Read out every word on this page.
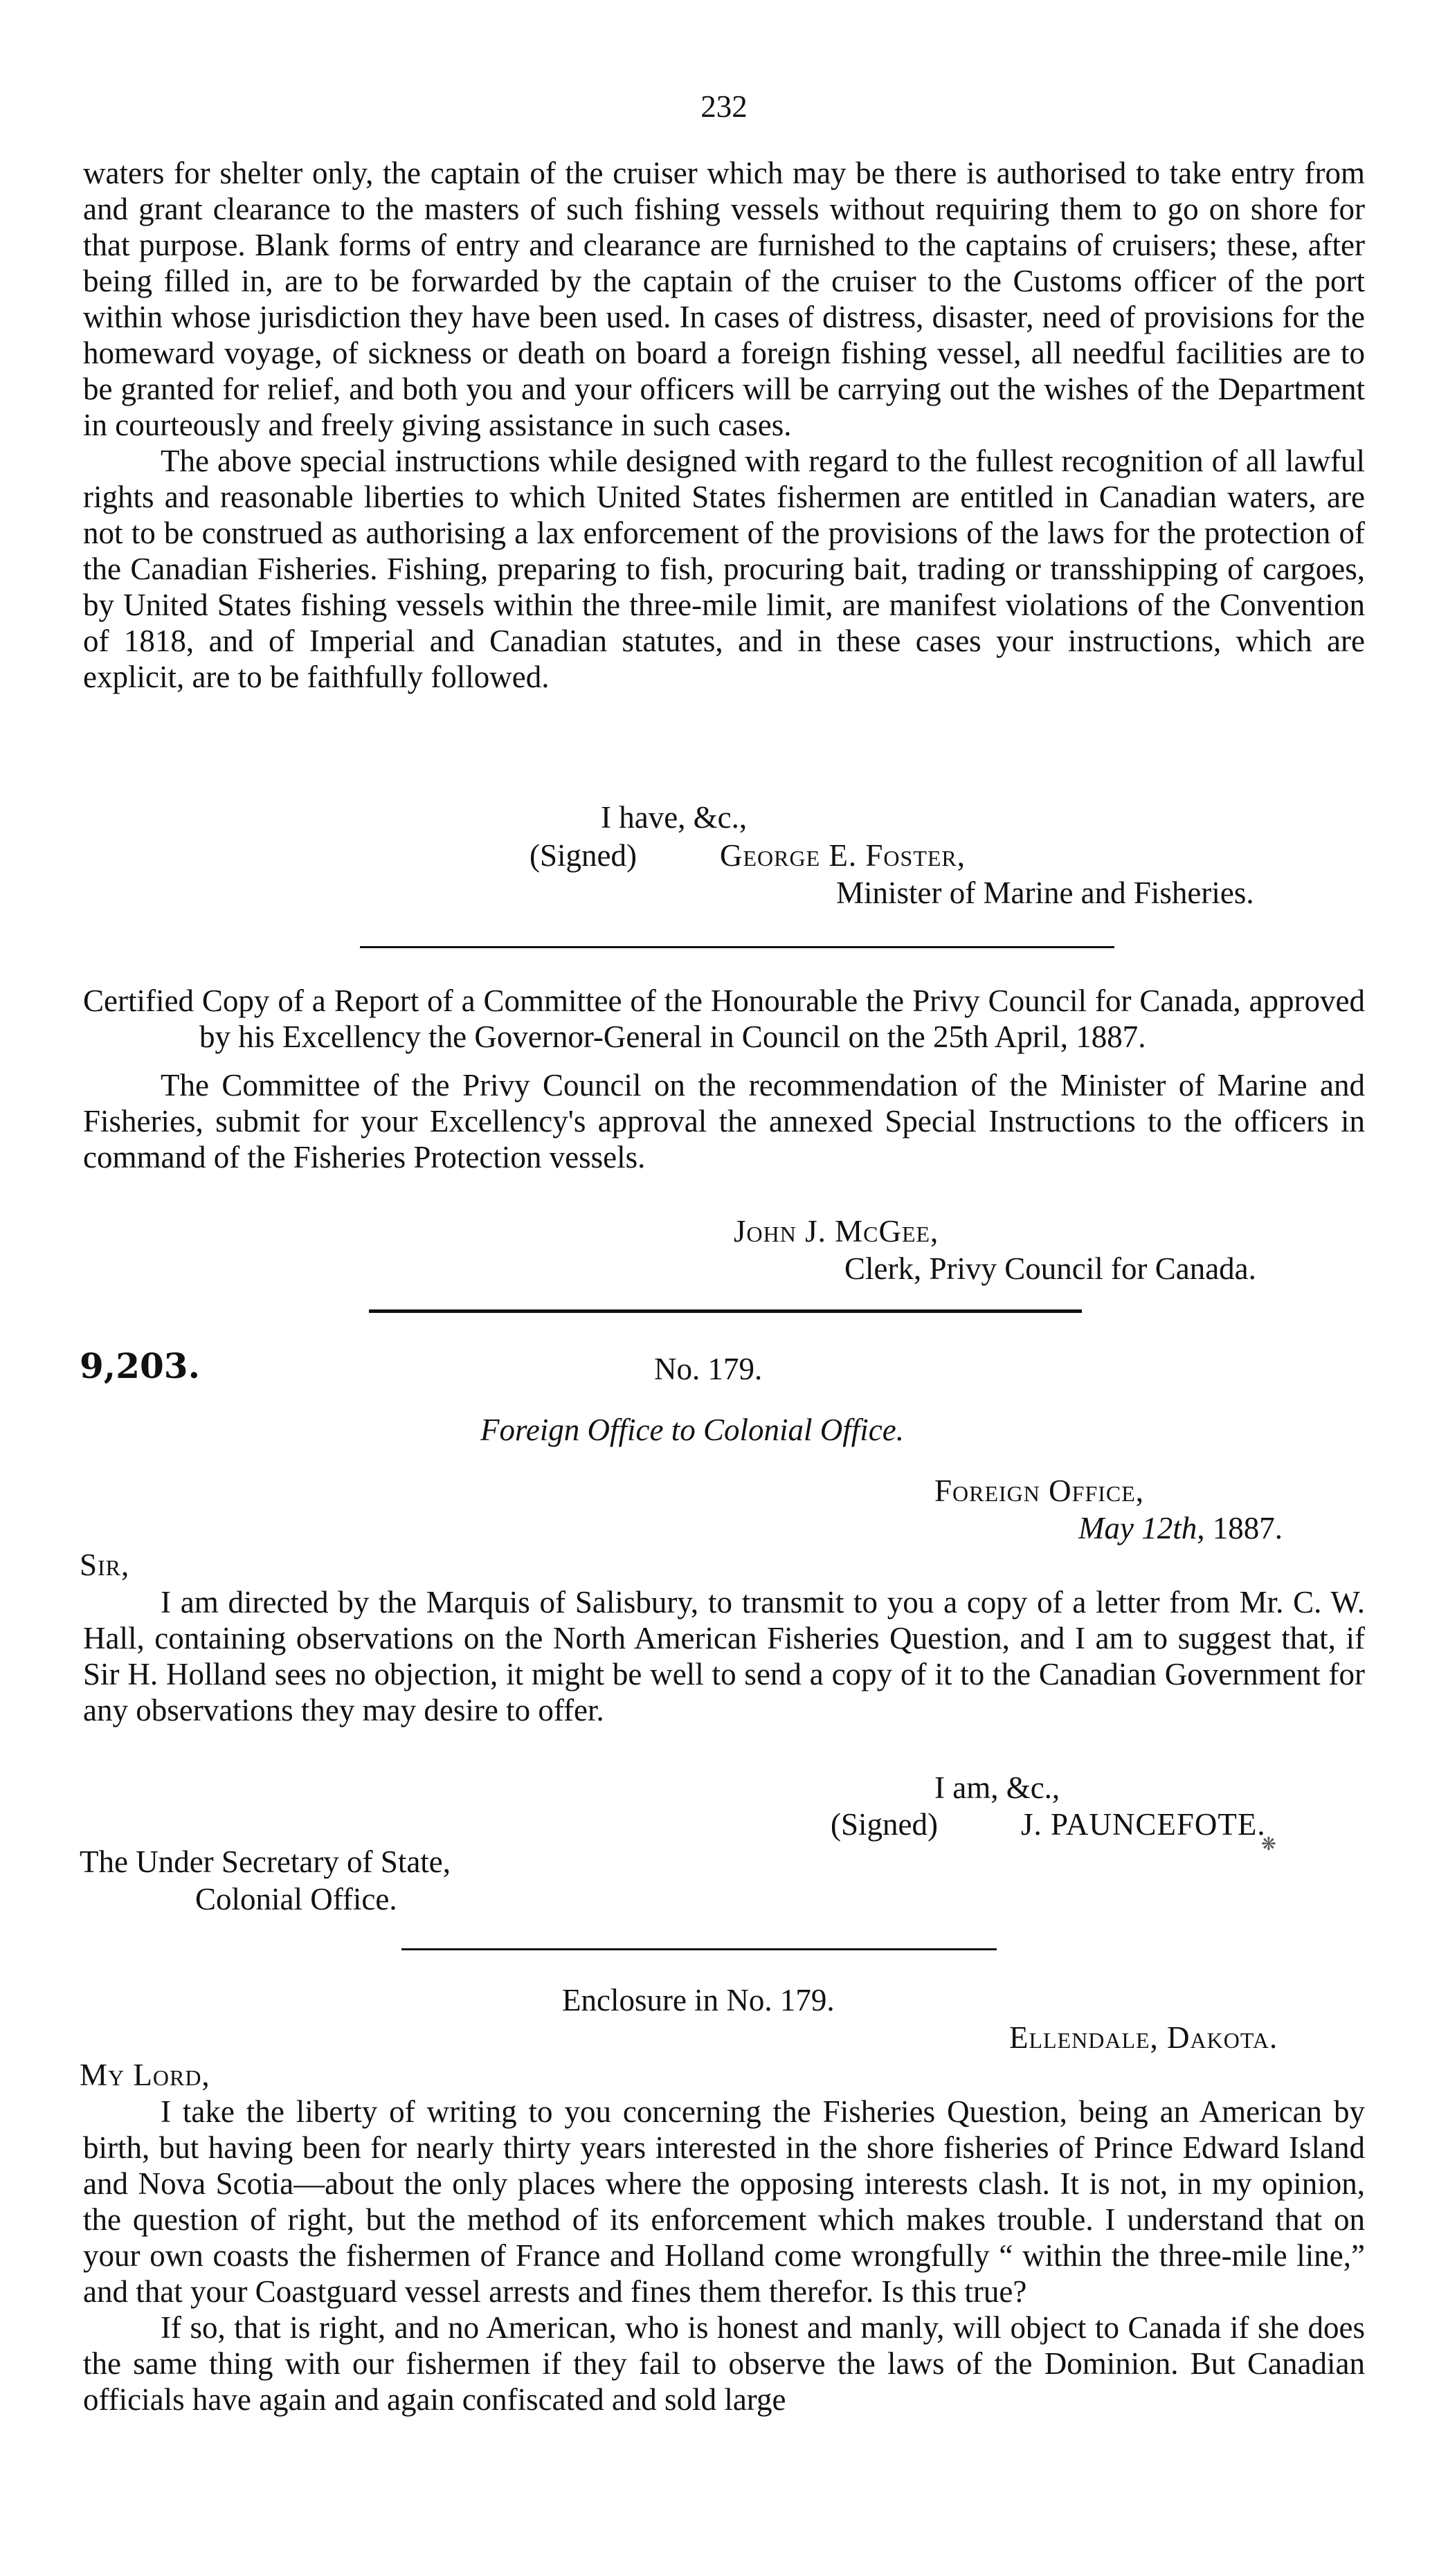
232

waters for shelter only, the captain of the cruiser which may be there is authorised to take entry from and grant clearance to the masters of such fishing vessels without requiring them to go on shore for that purpose. Blank forms of entry and clearance are furnished to the captains of cruisers; these, after being filled in, are to be forwarded by the captain of the cruiser to the Customs officer of the port within whose jurisdiction they have been used. In cases of distress, disaster, need of provisions for the homeward voyage, of sickness or death on board a foreign fishing vessel, all needful facilities are to be granted for relief, and both you and your officers will be carrying out the wishes of the Department in courteously and freely giving assistance in such cases.

The above special instructions while designed with regard to the fullest recognition of all lawful rights and reasonable liberties to which United States fishermen are entitled in Canadian waters, are not to be construed as authorising a lax enforcement of the provisions of the laws for the protection of the Canadian Fisheries. Fishing, preparing to fish, procuring bait, trading or transshipping of cargoes, by United States fishing vessels within the three-mile limit, are manifest violations of the Convention of 1818, and of Imperial and Canadian statutes, and in these cases your instructions, which are explicit, are to be faithfully followed.

I have, &c.,
(Signed)	George E. Foster,
Minister of Marine and Fisheries.

Certified Copy of a Report of a Committee of the Honourable the Privy Council for Canada, approved by his Excellency the Governor-General in Council on the 25th April, 1887.

The Committee of the Privy Council on the recommendation of the Minister of Marine and Fisheries, submit for your Excellency's approval the annexed Special Instructions to the officers in command of the Fisheries Protection vessels.

John J. McGee,
Clerk, Privy Council for Canada.
9,203.	No. 179.
Foreign Office to Colonial Office.
Foreign Office,
May 12th, 1887.
Sir,

I am directed by the Marquis of Salisbury, to transmit to you a copy of a letter from Mr. C. W. Hall, containing observations on the North American Fisheries Question, and I am to suggest that, if Sir H. Holland sees no objection, it might be well to send a copy of it to the Canadian Government for any observations they may desire to offer.

I am, &c.,
(Signed)	J. PAUNCEFOTE.
❋
The Under Secretary of State,
Colonial Office.
Enclosure in No. 179.
Ellendale, Dakota.
My Lord,

I take the liberty of writing to you concerning the Fisheries Question, being an American by birth, but having been for nearly thirty years interested in the shore fisheries of Prince Edward Island and Nova Scotia—about the only places where the opposing interests clash. It is not, in my opinion, the question of right, but the method of its enforcement which makes trouble. I understand that on your own coasts the fishermen of France and Holland come wrongfully “ within the three-mile line,” and that your Coastguard vessel arrests and fines them therefor. Is this true?

If so, that is right, and no American, who is honest and manly, will object to Canada if she does the same thing with our fishermen if they fail to observe the laws of the Dominion. But Canadian officials have again and again confiscated and sold large
